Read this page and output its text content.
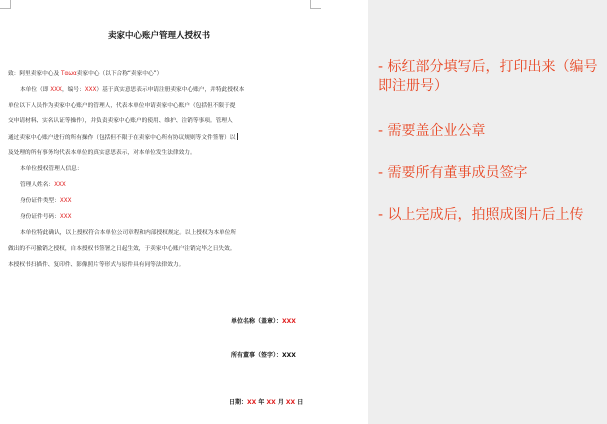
卖家中心账户管理人授权书
致：阿里卖家中心及 Tαωα卖家中心（以下合称“卖家中心”）
本单位（即 XXX，编号：XXX）基于真实意思表示申请注册卖家中心账户，并特此授权本
单位以下人员作为卖家中心账户的管理人，代表本单位申请卖家中心账户（包括但不限于提
交申请材料、实名认证等操作），并负责卖家中心账户的使用、维护、注销等事项。管理人
通过卖家中心账户进行的所有操作（包括但不限于在卖家中心所有协议规则等文件签署）以
及处理的所有事务均代表本单位的真实意思表示，对本单位发生法律效力。
本单位授权管理人信息：
管理人姓名：XXX
身份证件类型：XXX
身份证件号码：XXX
本单位特此确认，以上授权符合本单位公司章程和内部授权规定。以上授权为本单位所
做出的不可撤销之授权，自本授权书签署之日起生效，于卖家中心账户注销完毕之日失效。
本授权书扫描件、复印件、影像照片等形式与原件具有同等法律效力。
单位名称（盖章）：XXX
所有董事（签字）：XXX
日期：XX 年 XX 月 XX 日
- 标红部分填写后，打印出来（编号即注册号）
- 需要盖企业公章
- 需要所有董事成员签字
- 以上完成后，拍照成图片后上传
